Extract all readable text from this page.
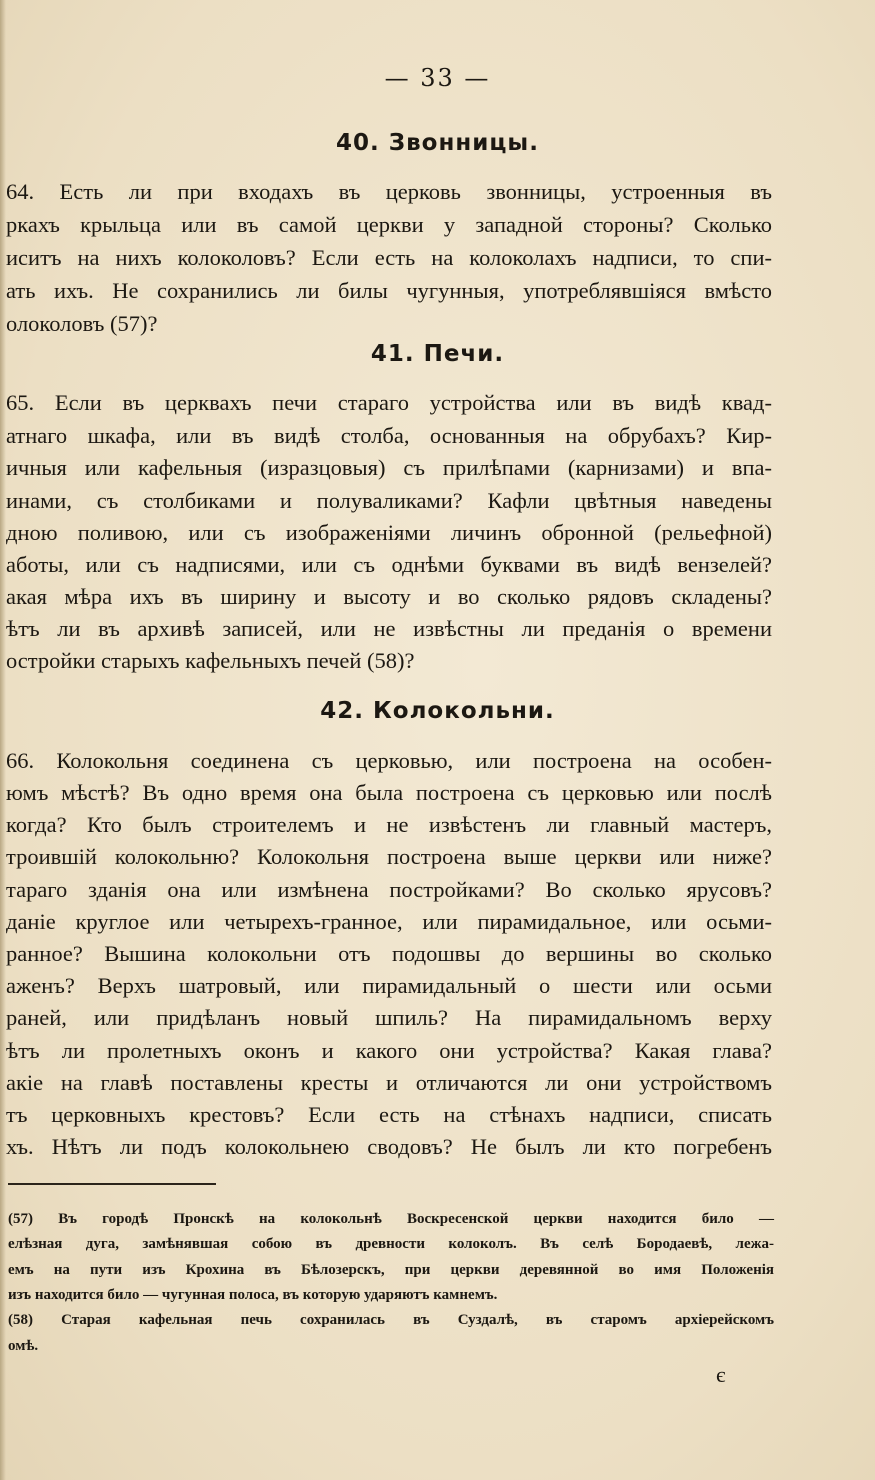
— 33 —
40. Звонницы.
64. Есть ли при входахъ въ церковь звонницы, устроенныя въ
ркахъ крыльца или въ самой церкви у западной стороны? Сколько
иситъ на нихъ колоколовъ? Если есть на колоколахъ надписи, то спи-
ать ихъ. Не сохранились ли билы чугунныя, употреблявшіяся вмѣсто
олоколовъ (57)?
41. Печи.
65. Если въ церквахъ печи стараго устройства или въ видѣ квад-
атнаго шкафа, или въ видѣ столба, основанныя на обрубахъ? Кир-
ичныя или кафельныя (изразцовыя) съ прилѣпами (карнизами) и впа-
инами, съ столбиками и полуваликами? Кафли цвѣтныя наведены
дною поливою, или съ изображеніями личинъ обронной (рельефной)
аботы, или съ надписями, или съ однѣми буквами въ видѣ вензелей?
акая мѣра ихъ въ ширину и высоту и во сколько рядовъ складены?
ѣтъ ли въ архивѣ записей, или не извѣстны ли преданія о времени
остройки старыхъ кафельныхъ печей (58)?
42. Колокольни.
66. Колокольня соединена съ церковью, или построена на особен-
юмъ мѣстѣ? Въ одно время она была построена съ церковью или послѣ
когда? Кто былъ строителемъ и не извѣстенъ ли главный мастеръ,
троившій колокольню? Колокольня построена выше церкви или ниже?
тараго зданія она или измѣнена постройками? Во сколько ярусовъ?
даніе круглое или четырехъ-гранное, или пирамидальное, или осьми-
ранное? Вышина колокольни отъ подошвы до вершины во сколько
аженъ? Верхъ шатровый, или пирамидальный о шести или осьми
раней, или придѣланъ новый шпиль? На пирамидальномъ верху
ѣтъ ли пролетныхъ оконъ и какого они устройства? Какая глава?
акіе на главѣ поставлены кресты и отличаются ли они устройствомъ
тъ церковныхъ крестовъ? Если есть на стѣнахъ надписи, списать
хъ. Нѣтъ ли подъ колокольнею сводовъ? Не былъ ли кто погребенъ
(57) Въ городѣ Пронскѣ на колокольнѣ Воскресенской церкви находится било —
елѣзная дуга, замѣнявшая собою въ древности колоколъ. Въ селѣ Бородаевѣ, лежа-
емъ на пути изъ Крохина въ Бѣлозерскъ, при церкви деревянной во имя Положенія
изъ находится било — чугунная полоса, въ которую ударяютъ камнемъ.
(58) Старая кафельная печь сохранилась въ Суздалѣ, въ старомъ архіерейскомъ
омѣ.
є
